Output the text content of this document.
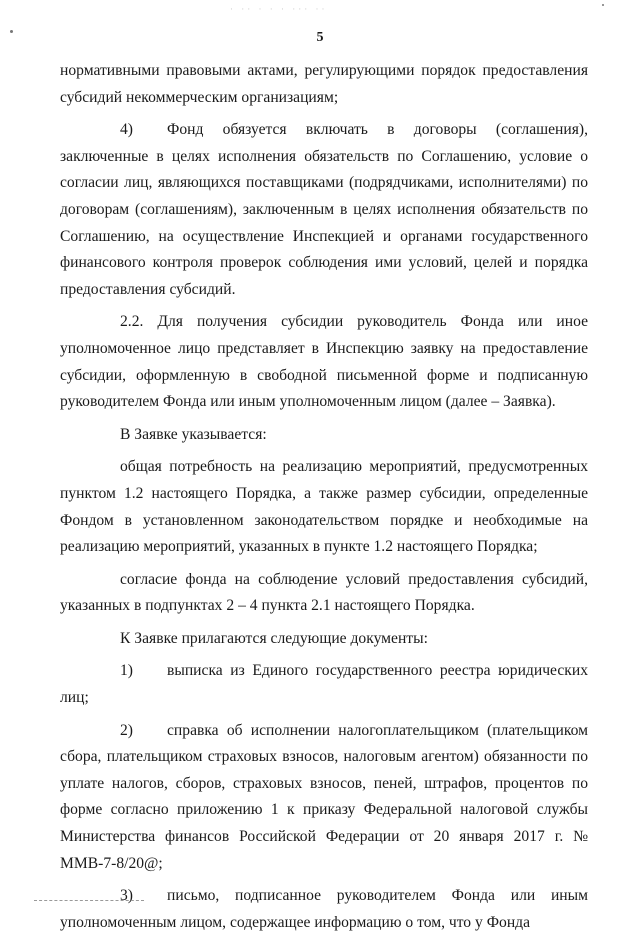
· ·· · · · ··· ··
5

нормативными правовыми актами, регулирующими порядок предоставления субсидий некоммерческим организациям;

4) Фонд обязуется включать в договоры (соглашения), заключенные в целях исполнения обязательств по Соглашению, условие о согласии лиц, являющихся поставщиками (подрядчиками, исполнителями) по договорам (соглашениям), заключенным в целях исполнения обязательств по Соглашению, на осуществление Инспекцией и органами государственного финансового контроля проверок соблюдения ими условий, целей и порядка предоставления субсидий.

2.2. Для получения субсидии руководитель Фонда или иное уполномоченное лицо представляет в Инспекцию заявку на предоставление субсидии, оформленную в свободной письменной форме и подписанную руководителем Фонда или иным уполномоченным лицом (далее – Заявка).

В Заявке указывается:

общая потребность на реализацию мероприятий, предусмотренных пунктом 1.2 настоящего Порядка, а также размер субсидии, определенные Фондом в установленном законодательством порядке и необходимые на реализацию мероприятий, указанных в пункте 1.2 настоящего Порядка;

согласие фонда на соблюдение условий предоставления субсидий, указанных в подпунктах 2 – 4 пункта 2.1 настоящего Порядка.

К Заявке прилагаются следующие документы:

1) выписка из Единого государственного реестра юридических лиц;

2) справка об исполнении налогоплательщиком (плательщиком сбора, плательщиком страховых взносов, налоговым агентом) обязанности по уплате налогов, сборов, страховых взносов, пеней, штрафов, процентов по форме согласно приложению 1 к приказу Федеральной налоговой службы Министерства финансов Российской Федерации от 20 января 2017 г. № ММВ-7-8/20@;

3) письмо, подписанное руководителем Фонда или иным уполномоченным лицом, содержащее информацию о том, что у Фонда
